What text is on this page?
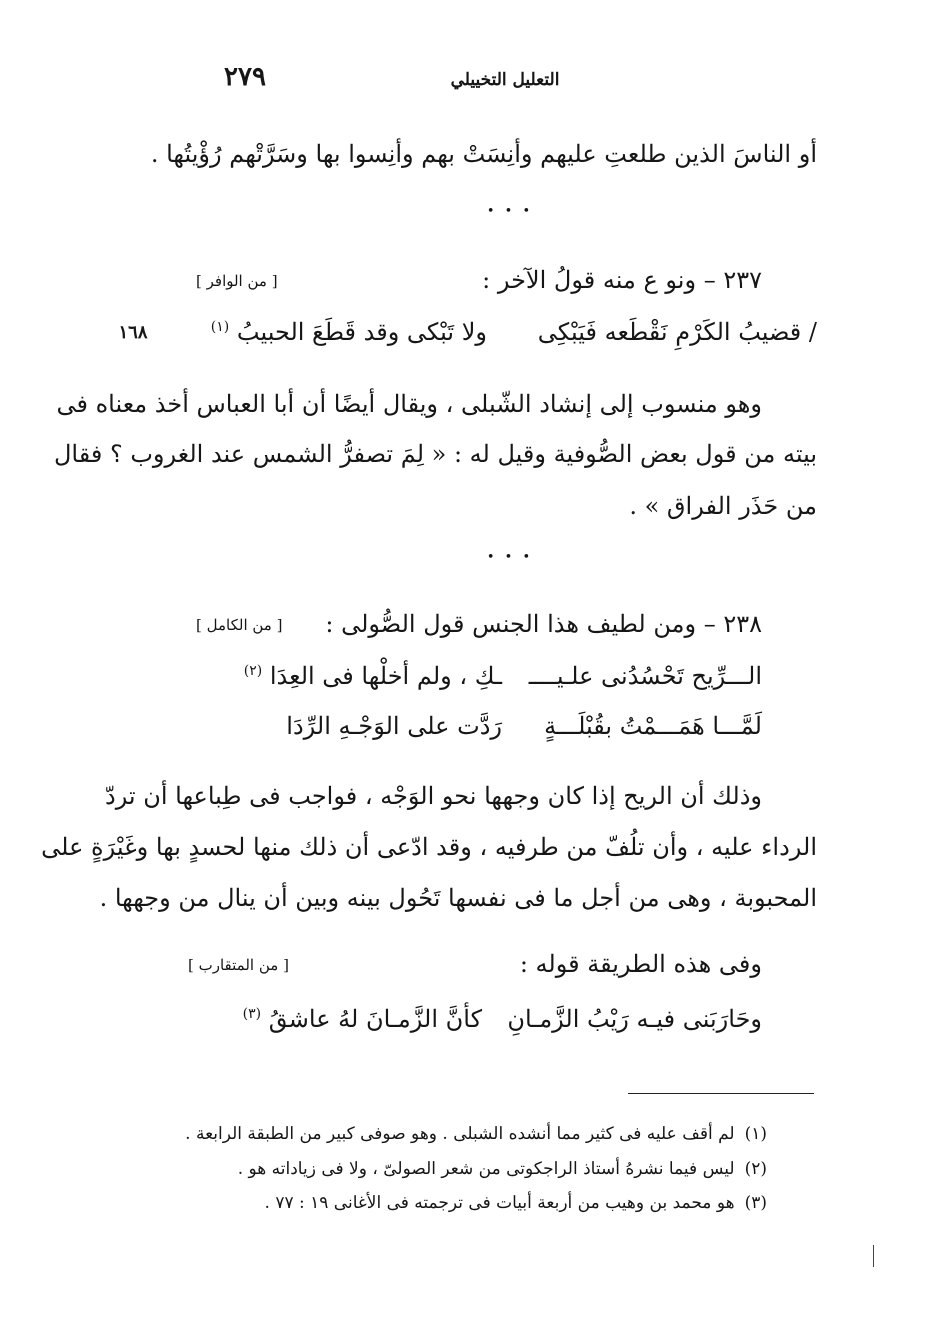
٢٧٩	التعليل التخييلي
أو الناسَ الذين طلعتِ عليهم وأنِسَتْ بهم وأنِسوا بها وسَرَّتْهم رُؤْيتُها .
• • •
٢٣٧ – ونو ع منه قولُ الآخر :
[ من الوافر ]
١٦٨	/ قضيبُ الكَرْمِ نَقْطَعه فَيَبْكِى
ولا تَبْكى وقد قَطَعَ الحبيبُ $^{(١)}$
وهو منسوب إلى إنشاد الشّبلى ، ويقال أيضًا أن أبا العباس أخذ معناه فى
بيته من قول بعض الصُّوفية وقيل له : « لِمَ تصفرُّ الشمس عند الغروب ؟ فقال
من حَذَر الفراق » .
• • •
٢٣٨ – ومن لطيف هذا الجنس قول الصُّولى :
[ من الكامل ]
الـــرِّيح تَحْسُدُنى علـيــــ
ـكِ ، ولم أخلْها فى العِدَا $^{(٢)}$
لَمَّـــا هَمَـــمْتُ بقُبْلَـــةٍ
رَدَّت على الوَجْـهِ الرِّدَا
وذلك أن الريح إذا كان وجهها نحو الوَجْه ، فواجب فى طِباعها أن تردّ
الرداء عليه ، وأن تلُفّ من طرفيه ، وقد ادّعى أن ذلك منها لحسدٍ بها وغَيْرَةٍ على
المحبوبة ، وهى من أجل ما فى نفسها تَحُول بينه وبين أن ينال من وجهها .
وفى هذه الطريقة قوله :
[ من المتقارب ]
وحَارَبَنى فيـه رَيْبُ الزَّمـانِ
كأنَّ الزَّمـانَ لهُ عاشقُ $^{(٣)}$
(١)لم أقف عليه فى كثير مما أنشده الشبلى . وهو صوفى كبير من الطبقة الرابعة .
(٢)ليس فيما نشرهُ أستاذ الراجكوتى من شعر الصولىّ ، ولا فى زياداته هو .
(٣)هو محمد بن وهيب من أربعة أبيات فى ترجمته فى الأغانى ١٩ : ٧٧ .
